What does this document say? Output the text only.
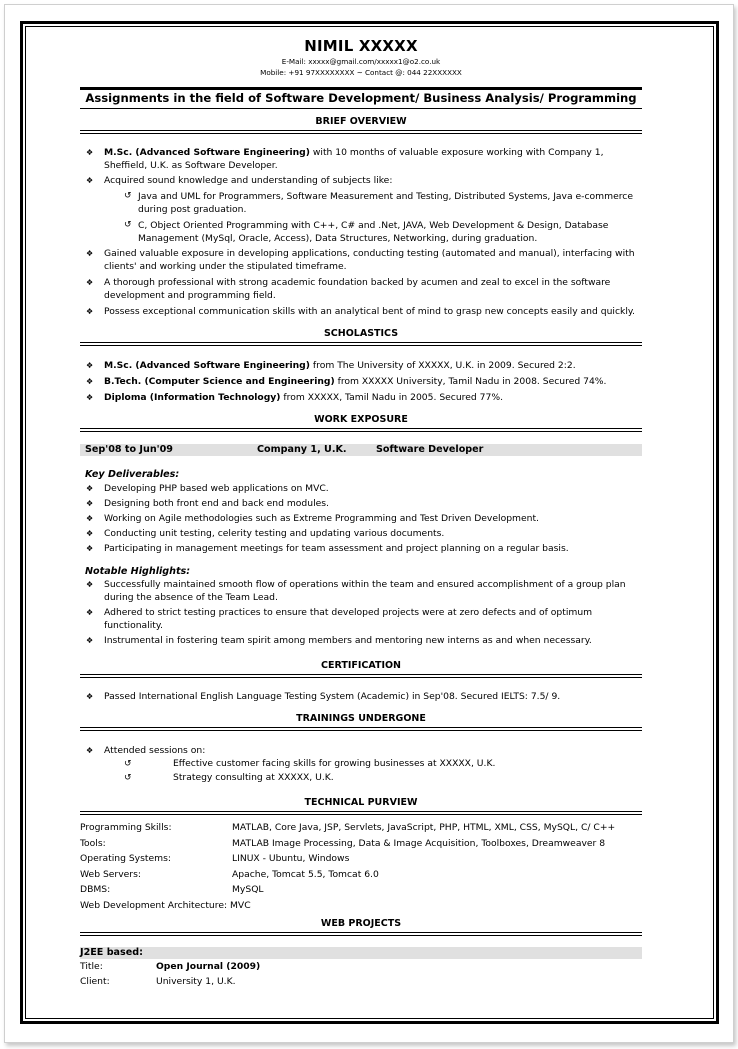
NIMIL XXXXX
E-Mail: xxxxx@gmail.com/xxxxx1@o2.co.uk
Mobile: +91 97XXXXXXXX ~ Contact @: 044 22XXXXXX
Assignments in the field of Software Development/ Business Analysis/ Programming
BRIEF OVERVIEW
❖ M.Sc. (Advanced Software Engineering) with 10 months of valuable exposure working with Company 1, Sheffield, U.K. as Software Developer.
❖ Acquired sound knowledge and understanding of subjects like:
↺ Java and UML for Programmers, Software Measurement and Testing, Distributed Systems, Java e-commerce during post graduation.
↺ C, Object Oriented Programming with C++, C# and .Net, JAVA, Web Development & Design, Database Management (MySql, Oracle, Access), Data Structures, Networking, during graduation.
❖ Gained valuable exposure in developing applications, conducting testing (automated and manual), interfacing with clients' and working under the stipulated timeframe.
❖ A thorough professional with strong academic foundation backed by acumen and zeal to excel in the software development and programming field.
❖ Possess exceptional communication skills with an analytical bent of mind to grasp new concepts easily and quickly.
SCHOLASTICS
❖ M.Sc. (Advanced Software Engineering) from The University of XXXXX, U.K. in 2009. Secured 2:2.
❖ B.Tech. (Computer Science and Engineering) from XXXXX University, Tamil Nadu in 2008. Secured 74%.
❖ Diploma (Information Technology) from XXXXX, Tamil Nadu in 2005. Secured 77%.
WORK EXPOSURE
Sep'08 to Jun'09	Company 1, U.K.	Software Developer
Key Deliverables:
❖ Developing PHP based web applications on MVC.
❖ Designing both front end and back end modules.
❖ Working on Agile methodologies such as Extreme Programming and Test Driven Development.
❖ Conducting unit testing, celerity testing and updating various documents.
❖ Participating in management meetings for team assessment and project planning on a regular basis.
Notable Highlights:
❖ Successfully maintained smooth flow of operations within the team and ensured accomplishment of a group plan during the absence of the Team Lead.
❖ Adhered to strict testing practices to ensure that developed projects were at zero defects and of optimum functionality.
❖ Instrumental in fostering team spirit among members and mentoring new interns as and when necessary.
CERTIFICATION
❖ Passed International English Language Testing System (Academic) in Sep'08. Secured IELTS: 7.5/ 9.
TRAININGS UNDERGONE
❖ Attended sessions on:
↺	Effective customer facing skills for growing businesses at XXXXX, U.K.
↺	Strategy consulting at XXXXX, U.K.
TECHNICAL PURVIEW
Programming Skills:	MATLAB, Core Java, JSP, Servlets, JavaScript, PHP, HTML, XML, CSS, MySQL, C/ C++
Tools:	MATLAB Image Processing, Data & Image Acquisition, Toolboxes, Dreamweaver 8
Operating Systems:	LINUX - Ubuntu, Windows
Web Servers:	Apache, Tomcat 5.5, Tomcat 6.0
DBMS:	MySQL
Web Development Architecture: MVC	
WEB PROJECTS
J2EE based:
Title:	Open Journal (2009)
Client:	University 1, U.K.
